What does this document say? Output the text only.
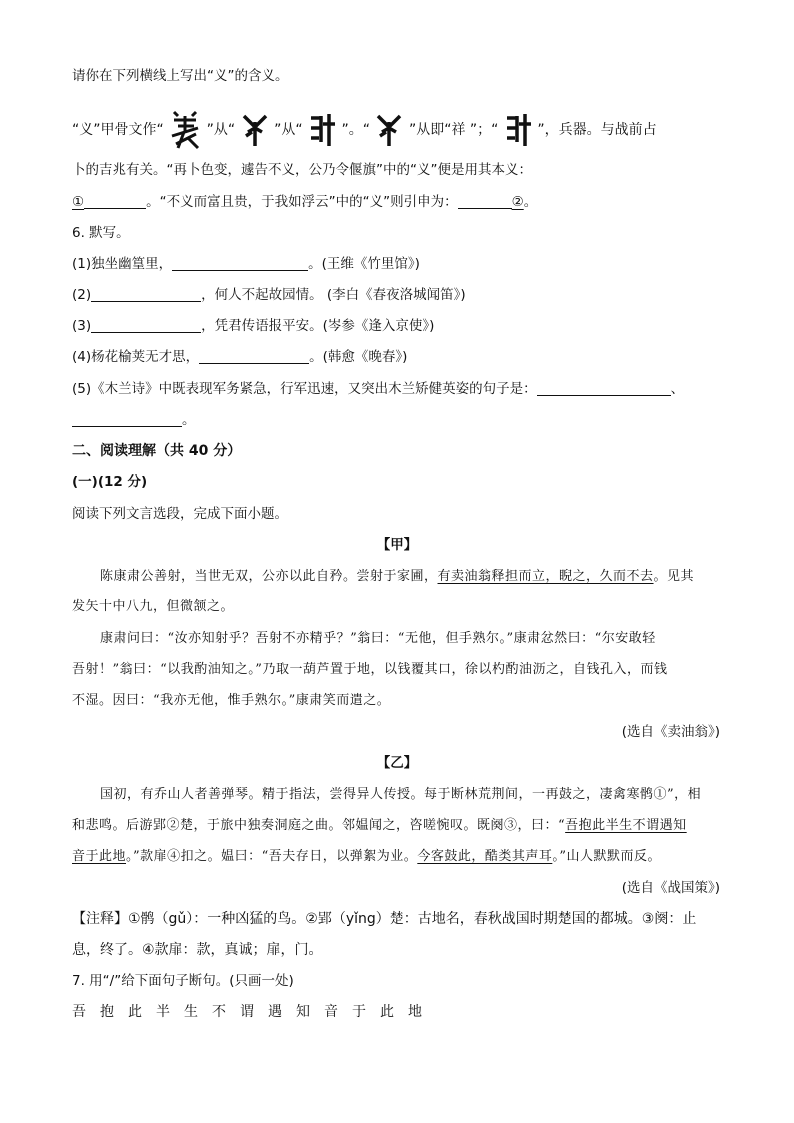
请你在下列横线上写出“义”的含义。
“义”甲骨文作“	”从“	”从“	”。“	”从即“祥 ”；“	”，兵器。与战前占
卜的吉兆有关。“再卜色变，遽告不义，公乃令偃旗”中的“义”便是用其本义：
①	。“不义而富且贵，于我如浮云”中的“义”则引申为：	②。
6. 默写。
(1)独坐幽篁里，	。(王维《竹里馆》)
(2)	，何人不起故园情。 (李白《春夜洛城闻笛》)
(3)	，凭君传语报平安。(岑参《逢入京使》)
(4)杨花榆荚无才思，	。(韩愈《晚春》)
(5)《木兰诗》中既表现军务紧急，行军迅速，又突出木兰矫健英姿的句子是：	、
。
二、阅读理解（共 40 分）
(一)(12 分)
阅读下列文言选段，完成下面小题。
【甲】
陈康肃公善射，当世无双，公亦以此自矜。尝射于家圃，有卖油翁释担而立，睨之，久而不去。见其
发矢十中八九，但微颔之。
康肃问曰：“汝亦知射乎？吾射不亦精乎？”翁曰：“无他，但手熟尔。”康肃忿然曰：“尔安敢轻
吾射！”翁曰：“以我酌油知之。”乃取一葫芦置于地，以钱覆其口，徐以杓酌油沥之，自钱孔入，而钱
不湿。因曰：“我亦无他，惟手熟尔。”康肃笑而遣之。
(选自《卖油翁》)
【乙】
国初，有乔山人者善弹琴。精于指法，尝得异人传授。每于断林荒荆间，一再鼓之，凄禽寒鹘①”，相
和悲鸣。后游郢②楚，于旅中独奏洞庭之曲。邻媪闻之，咨嗟惋叹。既阕③，曰：“吾抱此半生不谓遇知
音于此地。”款扉④扣之。媪曰：“吾夫存日，以弹絮为业。今客鼓此，酷类其声耳。”山人默默而反。
(选自《战国策》)
【注释】①鹘（gǔ）：一种凶猛的鸟。②郢（yǐng）楚：古地名，春秋战国时期楚国的都城。③阕：止
息，终了。④款扉：款，真诚；扉，门。
7. 用“/”给下面句子断句。(只画一处)
吾抱此半生不谓遇知音于此地
